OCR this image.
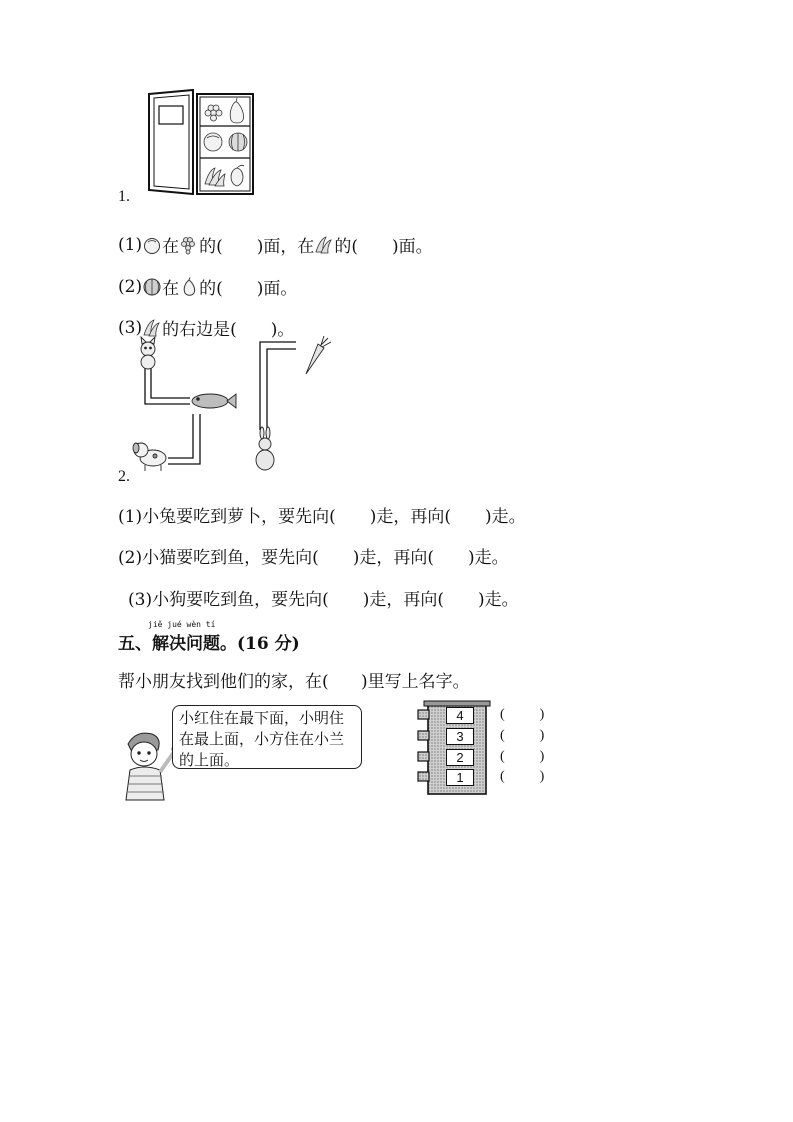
1.
(1) 在 的( )面，在 的( )面。
(2) 在 的( )面。
(3) 的右边是( )。
2.
(1)小兔要吃到萝卜，要先向( )走，再向( )走。
(2)小猫要吃到鱼，要先向( )走，再向( )走。
(3)小狗要吃到鱼，要先向( )走，再向( )走。
jiě jué wèn tí
五、解决问题。(16 分)
帮小朋友找到他们的家，在(      )里写上名字。
小红住在最下面，小明住在最上面，小方住在小兰的上面。
4
3
2
1
(          )
(          )
(          )
(          )
